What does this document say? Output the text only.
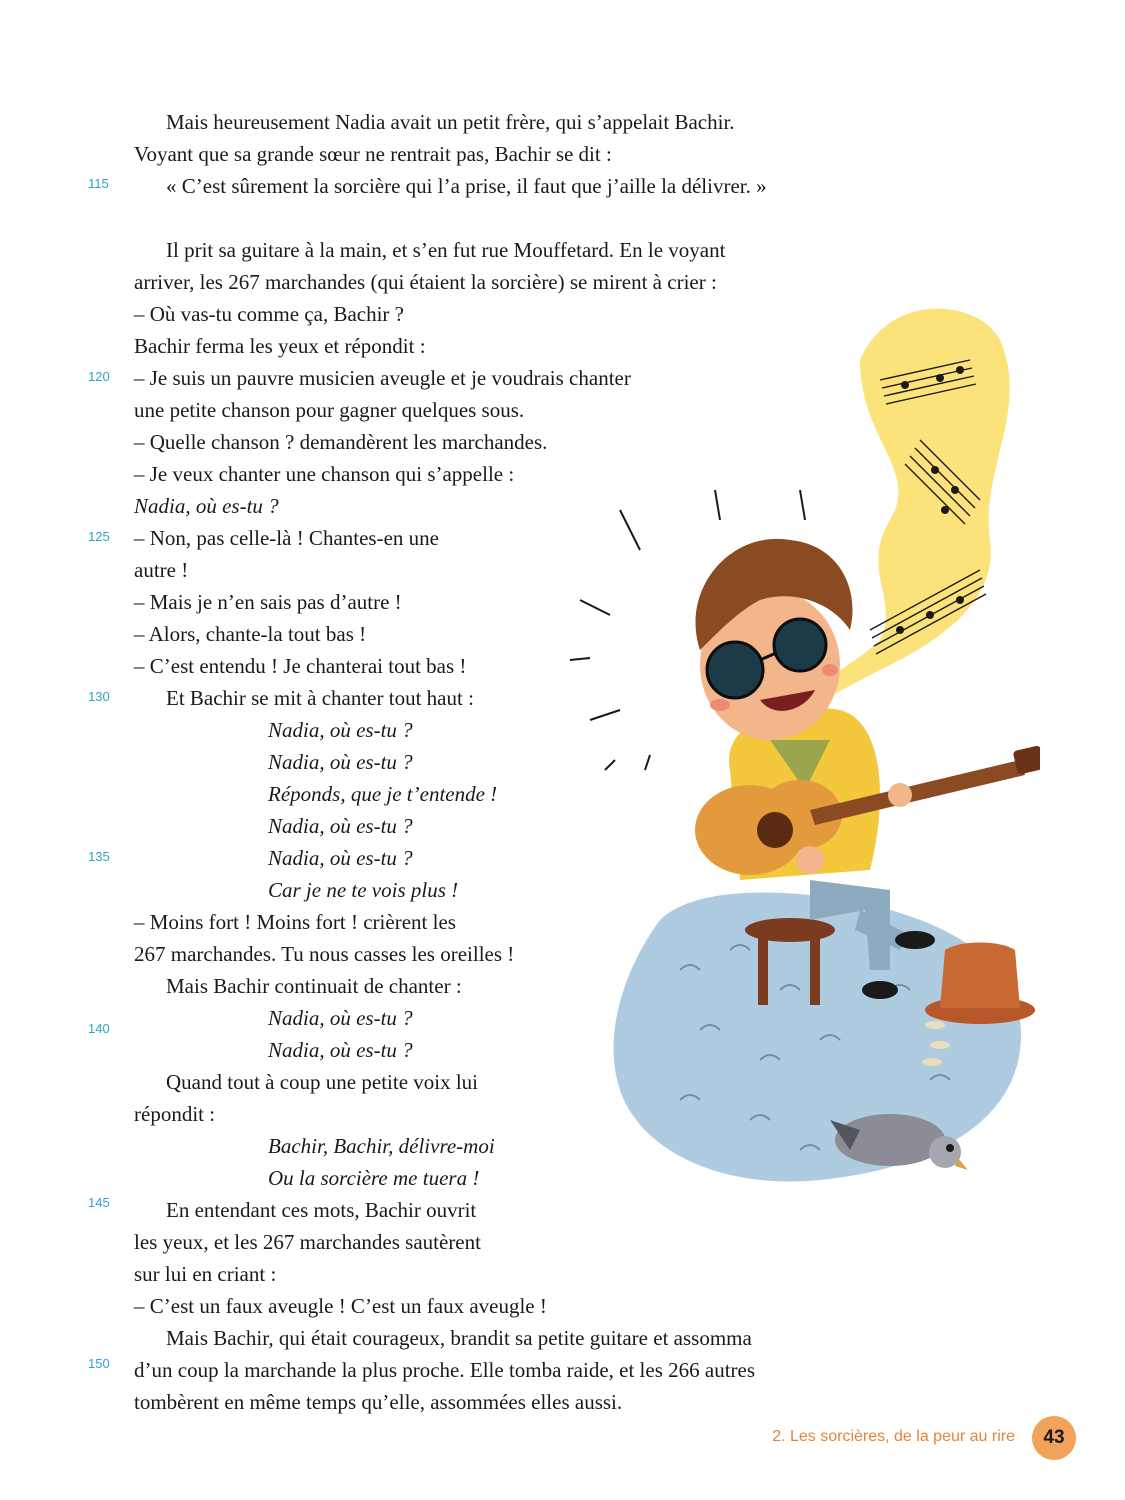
Mais heureusement Nadia avait un petit frère, qui s’appelait Bachir.
Voyant que sa grande sœur ne rentrait pas, Bachir se dit :
« C’est sûrement la sorcière qui l’a prise, il faut que j’aille la délivrer. »
Il prit sa guitare à la main, et s’en fut rue Mouffetard. En le voyant
arriver, les 267 marchandes (qui étaient la sorcière) se mirent à crier :
– Où vas-tu comme ça, Bachir ?
Bachir ferma les yeux et répondit :
– Je suis un pauvre musicien aveugle et je voudrais chanter
une petite chanson pour gagner quelques sous.
– Quelle chanson ? demandèrent les marchandes.
– Je veux chanter une chanson qui s’appelle :
Nadia, où es-tu ?
– Non, pas celle-là ! Chantes-en une
autre !
– Mais je n’en sais pas d’autre !
– Alors, chante-la tout bas !
– C’est entendu ! Je chanterai tout bas !
Et Bachir se mit à chanter tout haut :
Nadia, où es-tu ?
Nadia, où es-tu ?
Réponds, que je t’entende !
Nadia, où es-tu ?
Nadia, où es-tu ?
Car je ne te vois plus !
– Moins fort ! Moins fort ! crièrent les
267 marchandes. Tu nous casses les oreilles !
Mais Bachir continuait de chanter :
Nadia, où es-tu ?
Nadia, où es-tu ?
Quand tout à coup une petite voix lui
répondit :
Bachir, Bachir, délivre-moi
Ou la sorcière me tuera !
En entendant ces mots, Bachir ouvrit
les yeux, et les 267 marchandes sautèrent
sur lui en criant :
– C’est un faux aveugle ! C’est un faux aveugle !
Mais Bachir, qui était courageux, brandit sa petite guitare et assomma
d’un coup la marchande la plus proche. Elle tomba raide, et les 266 autres
tombèrent en même temps qu’elle, assommées elles aussi.
115
120
125
130
135
140
145
150
2. Les sorcières, de la peur au rire	43
